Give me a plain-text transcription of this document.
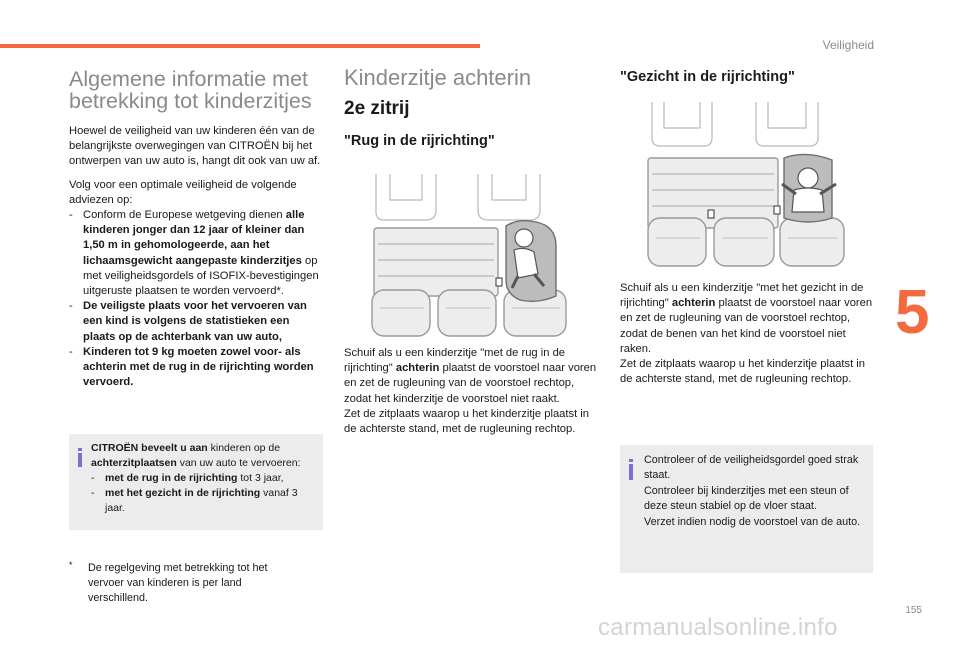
Veiligheid
5
155
carmanualsonline.info
Algemene informatie met
betrekking tot kinderzitjes

Hoewel de veiligheid van uw kinderen één van de belangrijkste overwegingen van CITROËN bij het ontwerpen van uw auto is, hangt dit ook van uw af.

Volg voor een optimale veiligheid de volgende adviezen op:

- Conform de Europese wetgeving dienen alle kinderen jonger dan 12 jaar of kleiner dan 1,50 m in gehomologeerde, aan het lichaamsgewicht aangepaste kinderzitjes op met veiligheidsgordels of ISOFIX-bevestigingen uitgeruste plaatsen te worden vervoerd*.
- De veiligste plaats voor het vervoeren van een kind is volgens de statistieken een plaats op de achterbank van uw auto,
- Kinderen tot 9 kg moeten zowel voor- als achterin met de rug in de rijrichting worden vervoerd.
CITROËN beveelt u aan kinderen op de achterzitplaatsen van uw auto te vervoeren:
- met de rug in de rijrichting tot 3 jaar,
- met het gezicht in de rijrichting vanaf 3 jaar.
*	De regelgeving met betrekking tot het vervoer van kinderen is per land verschillend.
Kinderzitje achterin
2e zitrij
"Rug in de rijrichting"

Schuif als u een kinderzitje "met de rug in de rijrichting" achterin plaatst de voorstoel naar voren en zet de rugleuning van de voorstoel rechtop, zodat het kinderzitje de voorstoel niet raakt.

Zet de zitplaats waarop u het kinderzitje plaatst in de achterste stand, met de rugleuning rechtop.

"Gezicht in de rijrichting"

Schuif als u een kinderzitje "met het gezicht in de rijrichting" achterin plaatst de voorstoel naar voren en zet de rugleuning van de voorstoel rechtop, zodat de benen van het kind de voorstoel niet raken.

Zet de zitplaats waarop u het kinderzitje plaatst in de achterste stand, met de rugleuning rechtop.

Controleer of de veiligheidsgordel goed strak staat.
Controleer bij kinderzitjes met een steun of deze steun stabiel op de vloer staat.
Verzet indien nodig de voorstoel van de auto.
